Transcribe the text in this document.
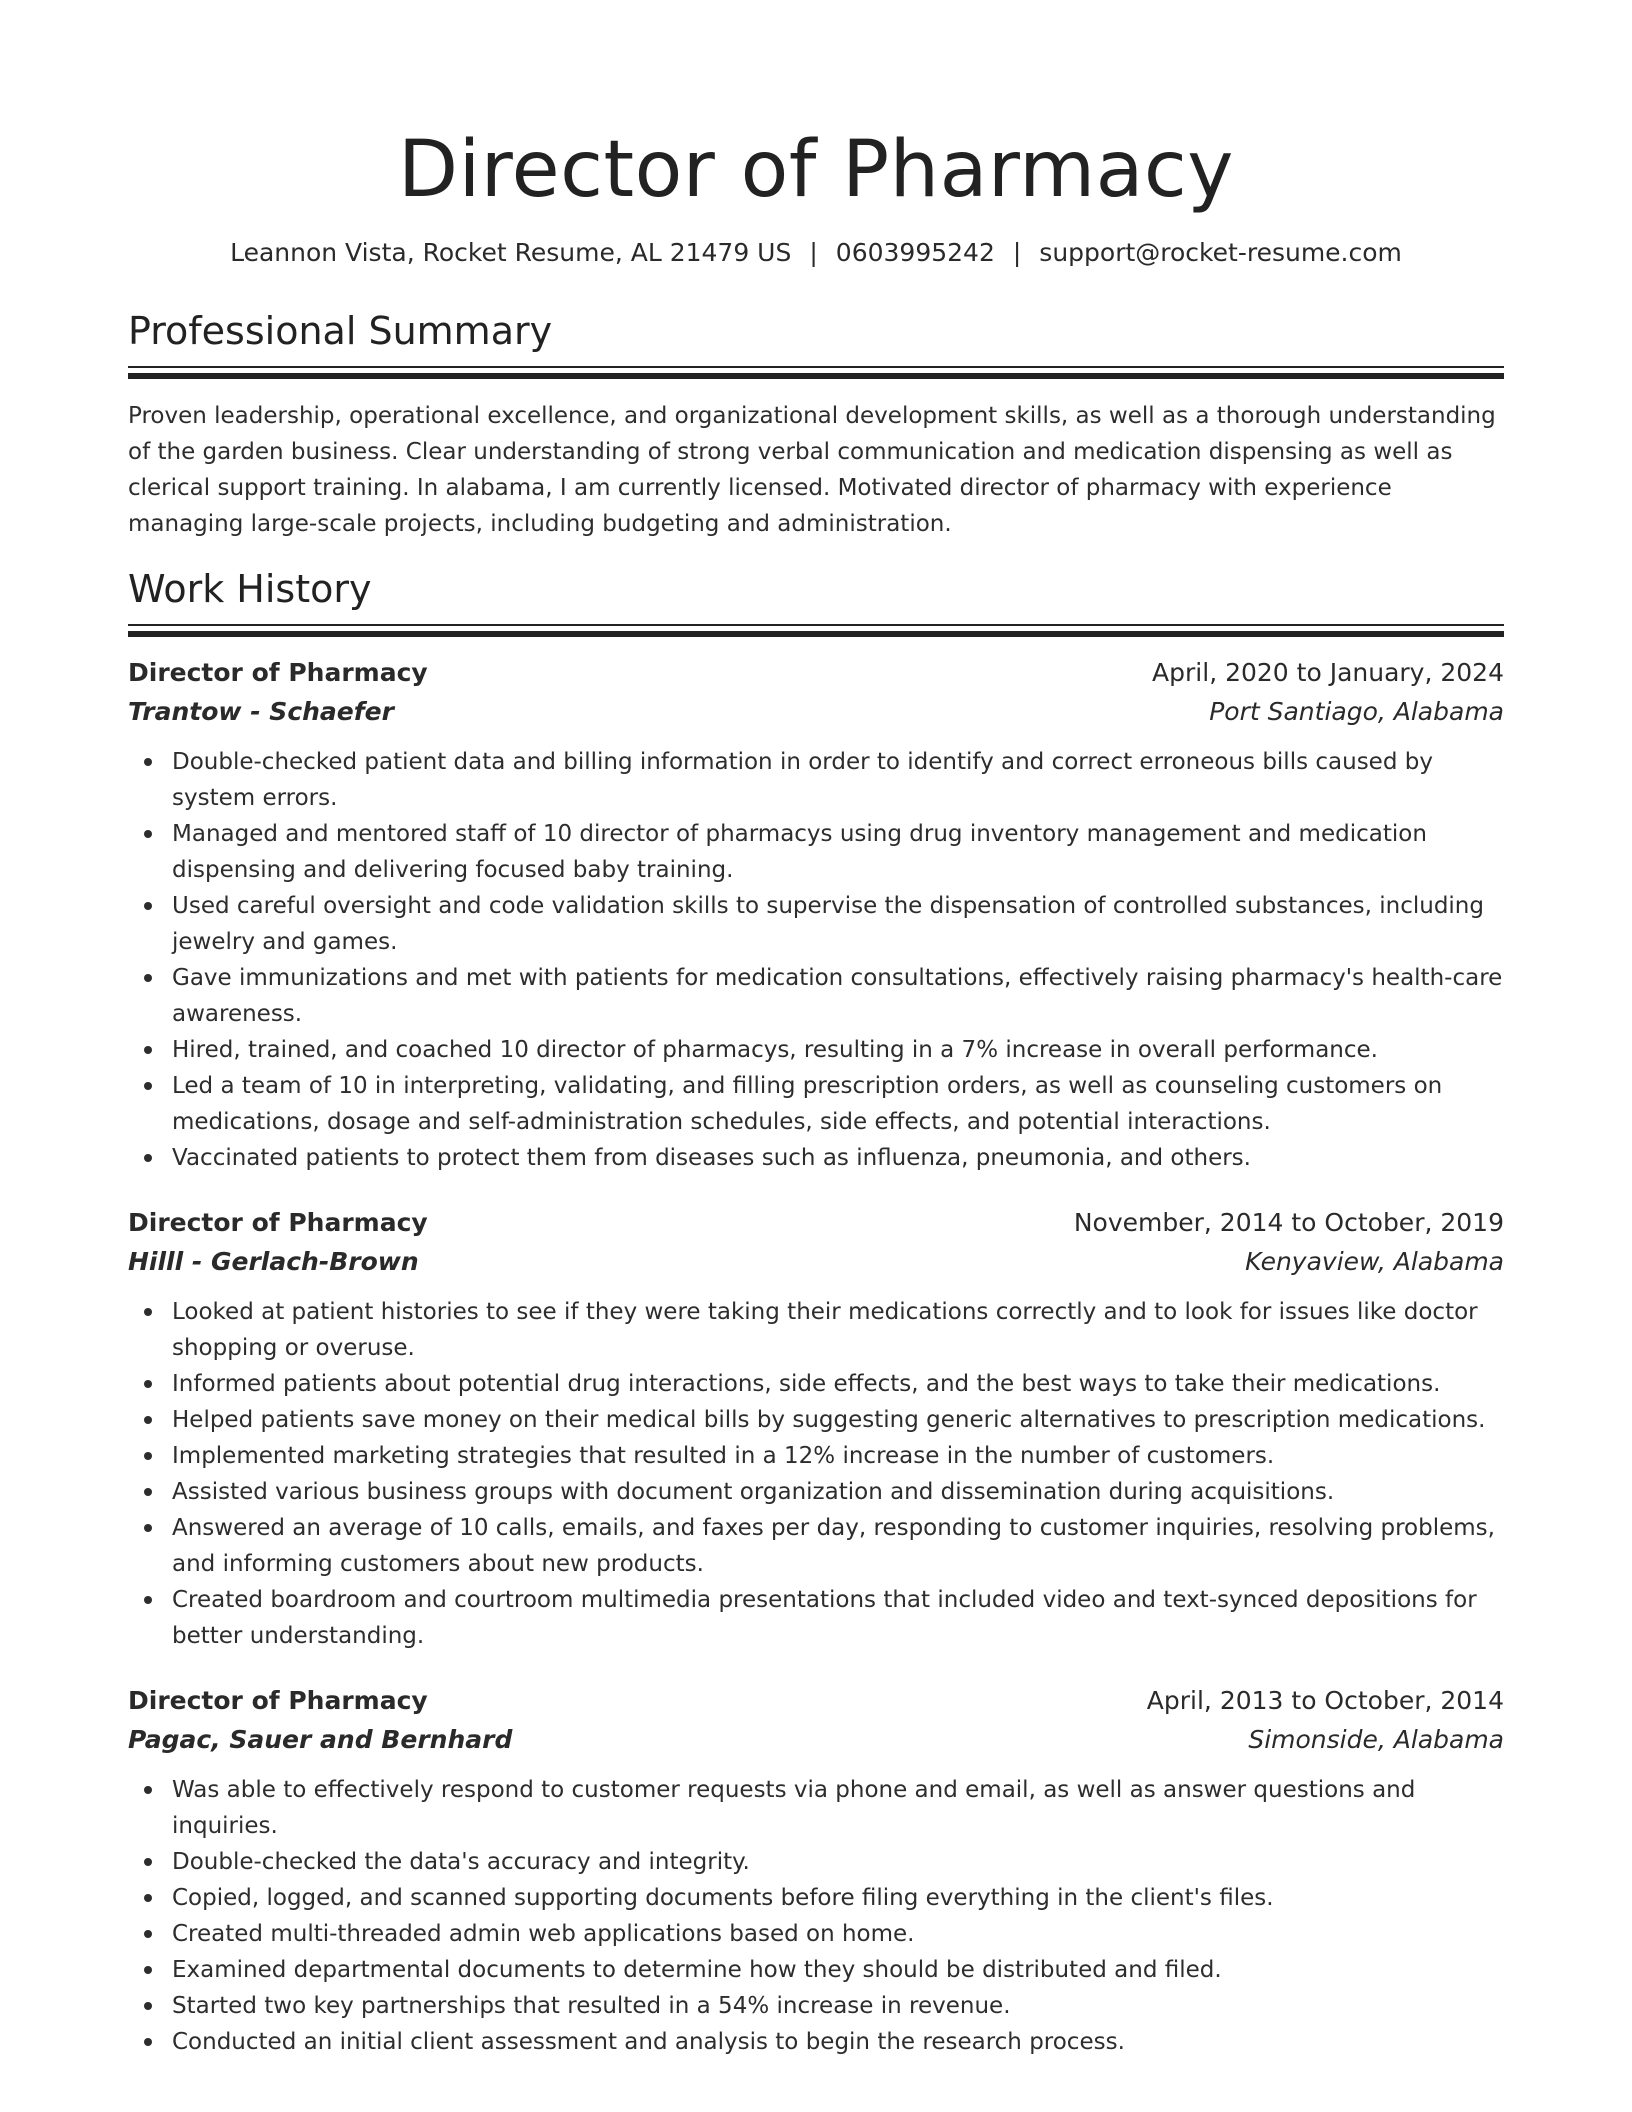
Director of Pharmacy
Leannon Vista, Rocket Resume, AL 21479 US | 0603995242 | support@rocket-resume.com
Professional Summary

Proven leadership, operational excellence, and organizational development skills, as well as a thorough understanding of the garden business. Clear understanding of strong verbal communication and medication dispensing as well as clerical support training. In alabama, I am currently licensed. Motivated director of pharmacy with experience managing large-scale projects, including budgeting and administration.

Work History
Director of Pharmacy	April, 2020 to January, 2024
Trantow - Schaefer	Port Santiago, Alabama
Double-checked patient data and billing information in order to identify and correct erroneous bills caused by system errors.
Managed and mentored staff of 10 director of pharmacys using drug inventory management and medication dispensing and delivering focused baby training.
Used careful oversight and code validation skills to supervise the dispensation of controlled substances, including jewelry and games.
Gave immunizations and met with patients for medication consultations, effectively raising pharmacy's health-care awareness.
Hired, trained, and coached 10 director of pharmacys, resulting in a 7% increase in overall performance.
Led a team of 10 in interpreting, validating, and filling prescription orders, as well as counseling customers on medications, dosage and self-administration schedules, side effects, and potential interactions.
Vaccinated patients to protect them from diseases such as influenza, pneumonia, and others.
Director of Pharmacy	November, 2014 to October, 2019
Hilll - Gerlach-Brown	Kenyaview, Alabama
Looked at patient histories to see if they were taking their medications correctly and to look for issues like doctor shopping or overuse.
Informed patients about potential drug interactions, side effects, and the best ways to take their medications.
Helped patients save money on their medical bills by suggesting generic alternatives to prescription medications.
Implemented marketing strategies that resulted in a 12% increase in the number of customers.
Assisted various business groups with document organization and dissemination during acquisitions.
Answered an average of 10 calls, emails, and faxes per day, responding to customer inquiries, resolving problems, and informing customers about new products.
Created boardroom and courtroom multimedia presentations that included video and text-synced depositions for better understanding.
Director of Pharmacy	April, 2013 to October, 2014
Pagac, Sauer and Bernhard	Simonside, Alabama
Was able to effectively respond to customer requests via phone and email, as well as answer questions and inquiries.
Double-checked the data's accuracy and integrity.
Copied, logged, and scanned supporting documents before filing everything in the client's files.
Created multi-threaded admin web applications based on home.
Examined departmental documents to determine how they should be distributed and filed.
Started two key partnerships that resulted in a 54% increase in revenue.
Conducted an initial client assessment and analysis to begin the research process.
